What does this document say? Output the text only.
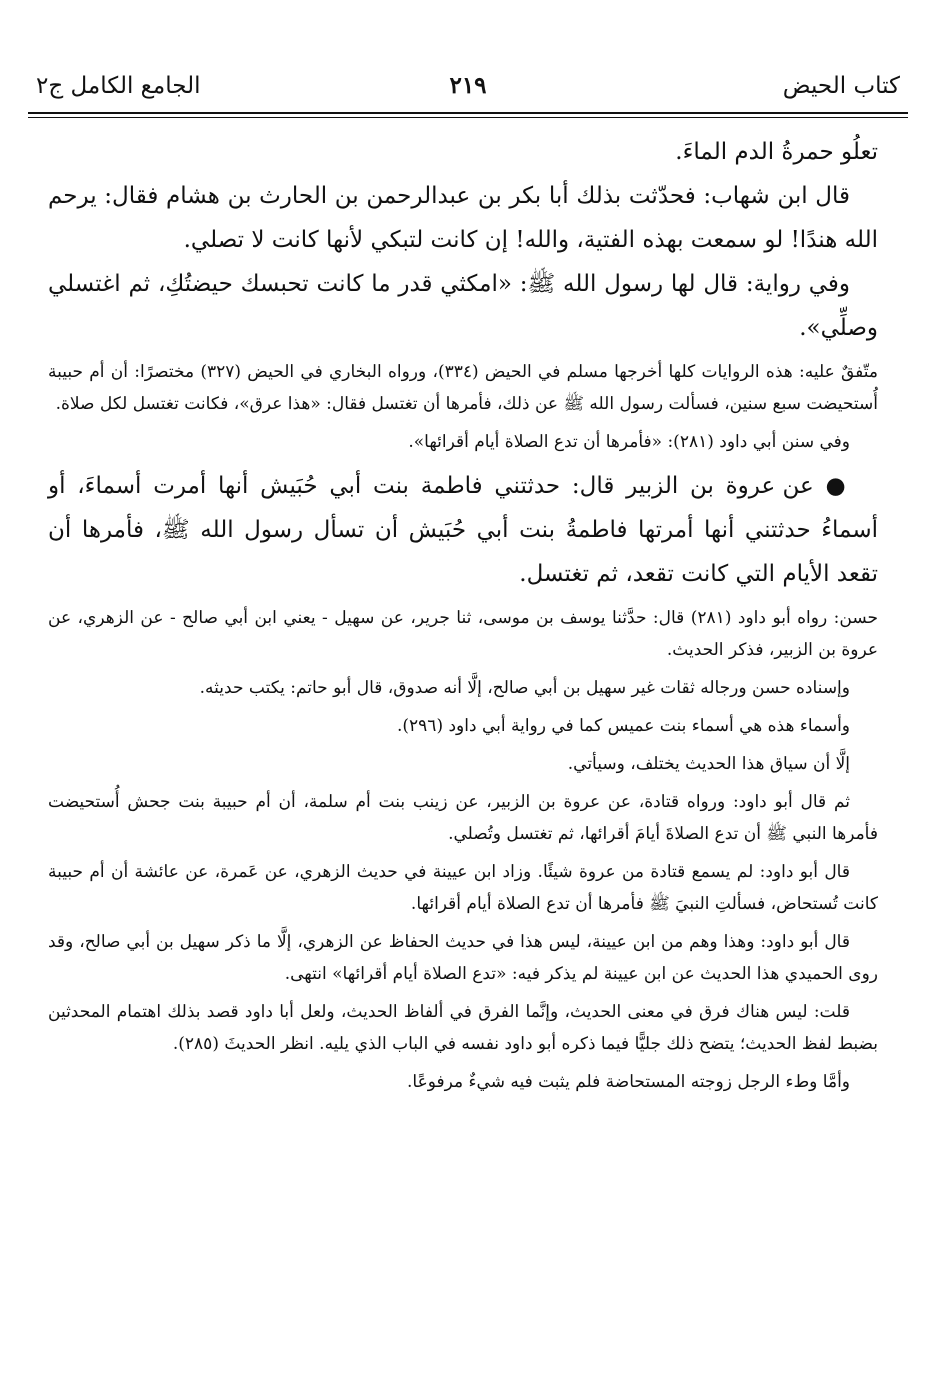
كتاب الحيض
٢١٩
الجامع الكامل ج٢

تعلُو حمرةُ الدم الماءَ.

قال ابن شهاب: فحدّثت بذلك أبا بكر بن عبدالرحمن بن الحارث بن هشام فقال: يرحم الله هندًا! لو سمعت بهذه الفتية، والله! إن كانت لتبكي لأنها كانت لا تصلي.

وفي رواية: قال لها رسول الله ﷺ: «امكثي قدر ما كانت تحبسك حيضتُكِ، ثم اغتسلي وصلِّي».

متّفقٌ عليه: هذه الروايات كلها أخرجها مسلم في الحيض (٣٣٤)، ورواه البخاري في الحيض (٣٢٧) مختصرًا: أن أم حبيبة أُستحيضت سبع سنين، فسألت رسول الله ﷺ عن ذلك، فأمرها أن تغتسل فقال: «هذا عرق»، فكانت تغتسل لكل صلاة.

وفي سنن أبي داود (٢٨١): «فأمرها أن تدع الصلاة أيام أقرائها».

● عن عروة بن الزبير قال: حدثتني فاطمة بنت أبي حُبَيش أنها أمرت أسماءَ، أو أسماءُ حدثتني أنها أمرتها فاطمةُ بنت أبي حُبَيش أن تسأل رسول الله ﷺ، فأمرها أن تقعد الأيام التي كانت تقعد، ثم تغتسل.

حسن: رواه أبو داود (٢٨١) قال: حدَّثنا يوسف بن موسى، ثنا جرير، عن سهيل - يعني ابن أبي صالح - عن الزهري، عن عروة بن الزبير، فذكر الحديث.

وإسناده حسن ورجاله ثقات غير سهيل بن أبي صالح، إلَّا أنه صدوق، قال أبو حاتم: يكتب حديثه.

وأسماء هذه هي أسماء بنت عميس كما في رواية أبي داود (٢٩٦).

إلَّا أن سياق هذا الحديث يختلف، وسيأتي.

ثم قال أبو داود: ورواه قتادة، عن عروة بن الزبير، عن زينب بنت أم سلمة، أن أم حبيبة بنت جحش أُستحيضت فأمرها النبي ﷺ أن تدع الصلاةَ أيامَ أقرائها، ثم تغتسل وتُصلي.

قال أبو داود: لم يسمع قتادة من عروة شيئًا. وزاد ابن عيينة في حديث الزهري، عن عَمرة، عن عائشة أن أم حبيبة كانت تُستحاض، فسألتِ النبيَ ﷺ فأمرها أن تدع الصلاة أيام أقرائها.

قال أبو داود: وهذا وهم من ابن عيينة، ليس هذا في حديث الحفاظ عن الزهري، إلَّا ما ذكر سهيل بن أبي صالح، وقد روى الحميدي هذا الحديث عن ابن عيينة لم يذكر فيه: «تدع الصلاة أيام أقرائها» انتهى.

قلت: ليس هناك فرق في معنى الحديث، وإنَّما الفرق في ألفاظ الحديث، ولعل أبا داود قصد بذلك اهتمام المحدثين بضبط لفظ الحديث؛ يتضح ذلك جليًّا فيما ذكره أبو داود نفسه في الباب الذي يليه. انظر الحديثَ (٢٨٥).

وأمَّا وطء الرجل زوجته المستحاضة فلم يثبت فيه شيءٌ مرفوعًا.
